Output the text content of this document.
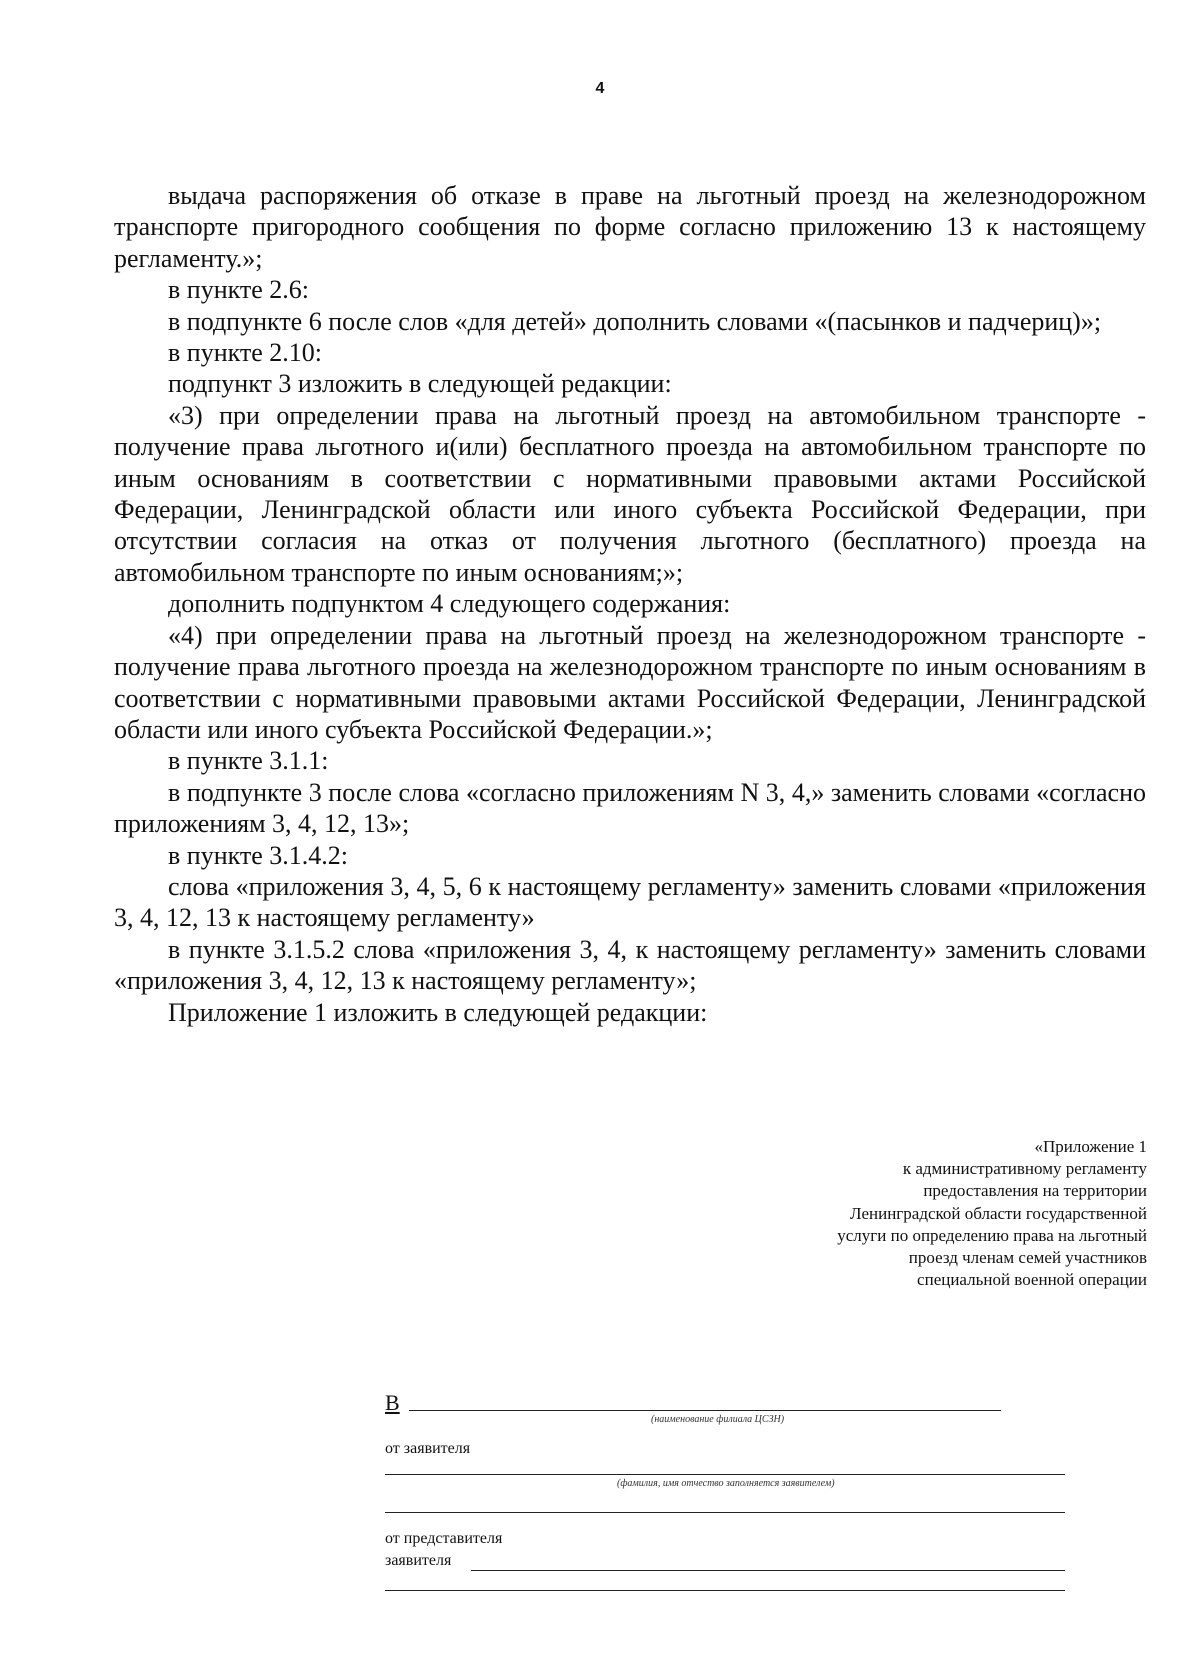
4

выдача распоряжения об отказе в праве на льготный проезд на железнодорожном транспорте пригородного сообщения по форме согласно приложению 13 к настоящему регламенту.»;

в пункте 2.6:

в подпункте 6 после слов «для детей» дополнить словами «(пасынков и падчериц)»;

в пункте 2.10:

подпункт 3 изложить в следующей редакции:

«3) при определении права на льготный проезд на автомобильном транспорте - получение права льготного и(или) бесплатного проезда на автомобильном транспорте по иным основаниям в соответствии с нормативными правовыми актами Российской Федерации, Ленинградской области или иного субъекта Российской Федерации, при отсутствии согласия на отказ от получения льготного (бесплатного) проезда на автомобильном транспорте по иным основаниям;»;

дополнить подпунктом 4 следующего содержания:

«4) при определении права на льготный проезд на железнодорожном транспорте - получение права льготного проезда на железнодорожном транспорте по иным основаниям в соответствии с нормативными правовыми актами Российской Федерации, Ленинградской области или иного субъекта Российской Федерации.»;

в пункте 3.1.1:

в подпункте 3 после слова «согласно приложениям N 3, 4,» заменить словами «согласно приложениям 3, 4, 12, 13»;

в пункте 3.1.4.2:

слова «приложения 3, 4, 5, 6 к настоящему регламенту» заменить словами «приложения 3, 4, 12, 13 к настоящему регламенту»

в пункте 3.1.5.2 слова «приложения 3, 4, к настоящему регламенту» заменить словами «приложения 3, 4, 12, 13 к настоящему регламенту»;

Приложение 1 изложить в следующей редакции:

«Приложение 1
к административному регламенту
предоставления на территории
Ленинградской области государственной
услуги по определению права на льготный
проезд членам семей участников
специальной военной операции
В
(наименование филиала ЦСЗН)
от заявителя
(фамилия, имя отчество заполняется заявителем)
от представителя
заявителя
